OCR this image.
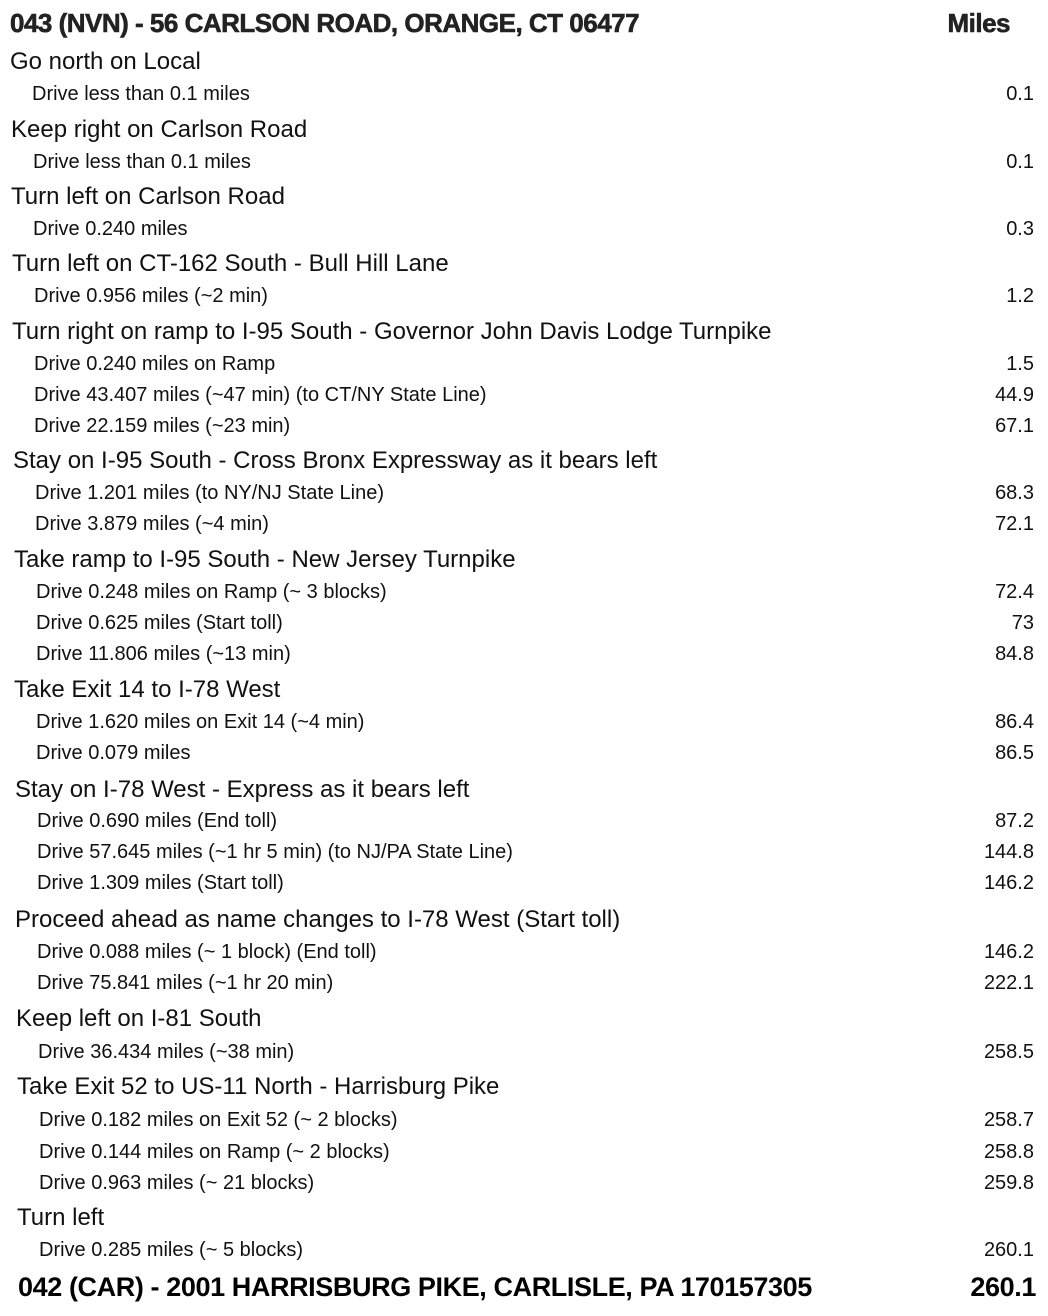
043 (NVN) - 56 CARLSON ROAD, ORANGE, CT 06477	Miles
Go north on Local
Drive less than 0.1 miles	0.1
Keep right on Carlson Road
Drive less than 0.1 miles	0.1
Turn left on Carlson Road
Drive 0.240 miles	0.3
Turn left on CT-162 South - Bull Hill Lane
Drive 0.956 miles (~2 min)	1.2
Turn right on ramp to I-95 South - Governor John Davis Lodge Turnpike
Drive 0.240 miles on Ramp	1.5
Drive 43.407 miles (~47 min) (to CT/NY State Line)	44.9
Drive 22.159 miles (~23 min)	67.1
Stay on I-95 South - Cross Bronx Expressway as it bears left
Drive 1.201 miles (to NY/NJ State Line)	68.3
Drive 3.879 miles (~4 min)	72.1
Take ramp to I-95 South - New Jersey Turnpike
Drive 0.248 miles on Ramp (~ 3 blocks)	72.4
Drive 0.625 miles (Start toll)	73
Drive 11.806 miles (~13 min)	84.8
Take Exit 14 to I-78 West
Drive 1.620 miles on Exit 14 (~4 min)	86.4
Drive 0.079 miles	86.5
Stay on I-78 West - Express as it bears left
Drive 0.690 miles (End toll)	87.2
Drive 57.645 miles (~1 hr 5 min) (to NJ/PA State Line)	144.8
Drive 1.309 miles (Start toll)	146.2
Proceed ahead as name changes to I-78 West (Start toll)
Drive 0.088 miles (~ 1 block) (End toll)	146.2
Drive 75.841 miles (~1 hr 20 min)	222.1
Keep left on I-81 South
Drive 36.434 miles (~38 min)	258.5
Take Exit 52 to US-11 North - Harrisburg Pike
Drive 0.182 miles on Exit 52 (~ 2 blocks)	258.7
Drive 0.144 miles on Ramp (~ 2 blocks)	258.8
Drive 0.963 miles (~ 21 blocks)	259.8
Turn left
Drive 0.285 miles (~ 5 blocks)	260.1
042 (CAR) - 2001 HARRISBURG PIKE, CARLISLE, PA 170157305	260.1
